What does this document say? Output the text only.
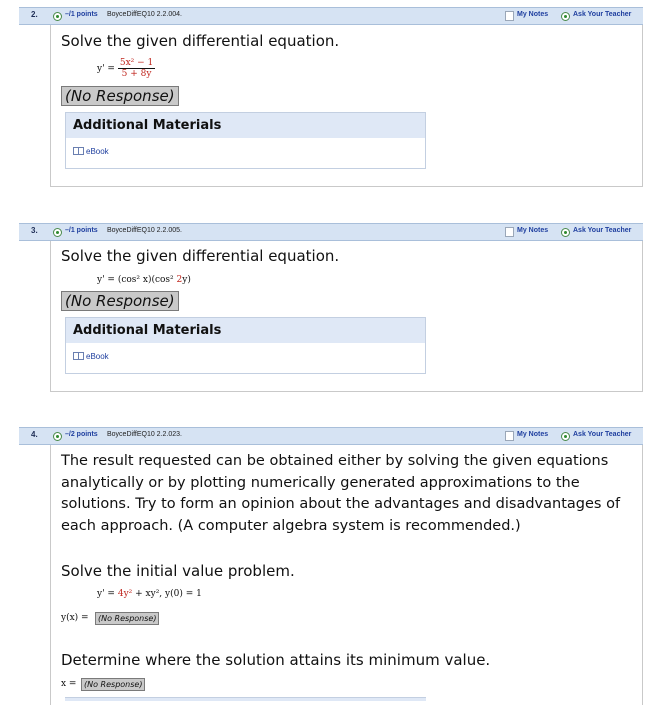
2.	–/1 points BoyceDiffEQ10 2.2.004.	My Notes	Ask Your Teacher
Solve the given differential equation.
$y' = \frac{\text{5x² − 1}}{5 + 8y}$
(No Response)
Additional Materials
eBook
3.	–/1 points BoyceDiffEQ10 2.2.005.	My Notes	Ask Your Teacher
Solve the given differential equation.
y' = (cos² x)(cos² 2y)
(No Response)
Additional Materials
eBook
4.	–/2 points BoyceDiffEQ10 2.2.023.	My Notes	Ask Your Teacher
The result requested can be obtained either by solving the given equations analytically or by plotting numerically generated approximations to the solutions. Try to form an opinion about the advantages and disadvantages of each approach. (A computer algebra system is recommended.)
Solve the initial value problem.
y' = 4y² + xy², y(0) = 1
y(x) =	(No Response)
Determine where the solution attains its minimum value.
x = (No Response)
